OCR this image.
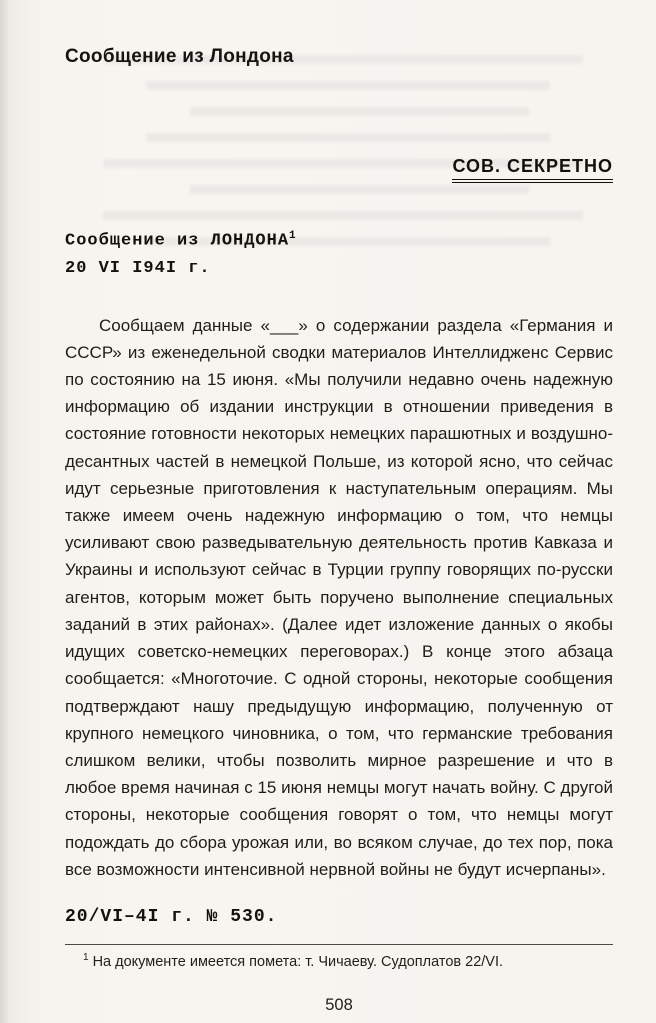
Сообщение из Лондона
СОВ. СЕКРЕТНО
Сообщение из ЛОНДОНА$^1$
20 VI I94I г.

Сообщаем данные «___» о содержании раздела «Германия и СССР» из еженедельной сводки материалов Интеллидженс Сервис по состоянию на 15 июня. «Мы получили недавно очень надежную информацию об издании инструкции в отношении приведения в состояние готовности некоторых немецких парашютных и воздушно-десантных частей в немецкой Польше, из которой ясно, что сейчас идут серьезные приготовления к наступательным операциям. Мы также имеем очень надежную информацию о том, что немцы усиливают свою разведывательную деятельность против Кавказа и Украины и используют сейчас в Турции группу говорящих по-русски агентов, которым может быть поручено выполнение специальных заданий в этих районах». (Далее идет изложение данных о якобы идущих советско-немецких переговорах.) В конце этого абзаца сообщается: «Многоточие. С одной стороны, некоторые сообщения подтверждают нашу предыдущую информацию, полученную от крупного немецкого чиновника, о том, что германские требования слишком велики, чтобы позволить мирное разрешение и что в любое время начиная с 15 июня немцы могут начать войну. С другой стороны, некоторые сообщения говорят о том, что немцы могут подождать до сбора урожая или, во всяком случае, до тех пор, пока все возможности интенсивной нервной войны не будут исчерпаны».

20/VI–4I г. № 530.
$^1$ На документе имеется помета: т. Чичаеву. Судоплатов 22/VI.
508
